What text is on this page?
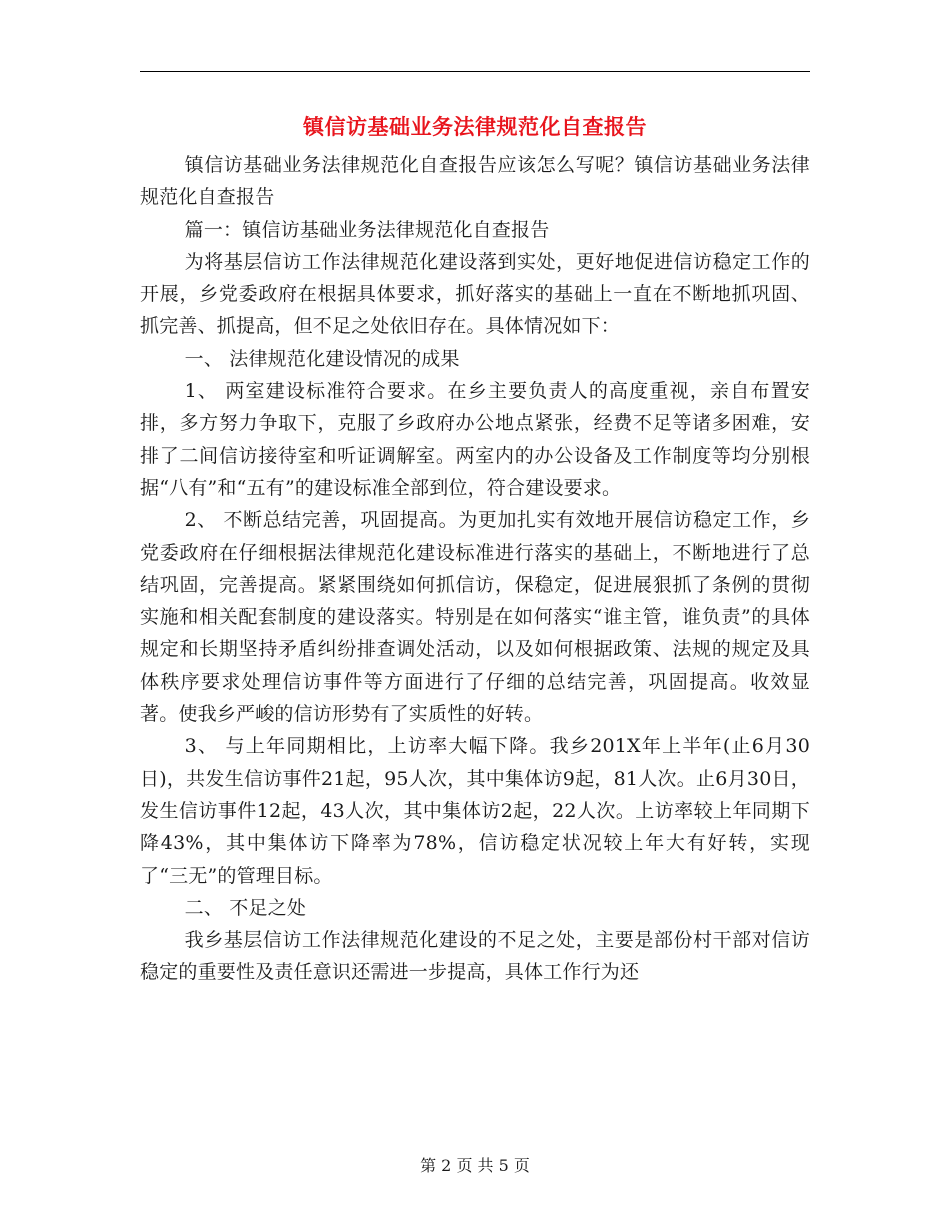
镇信访基础业务法律规范化自查报告

镇信访基础业务法律规范化自查报告应该怎么写呢？镇信访基础业务法律规范化自查报告

篇一：镇信访基础业务法律规范化自查报告

为将基层信访工作法律规范化建设落到实处，更好地促进信访稳定工作的开展，乡党委政府在根据具体要求，抓好落实的基础上一直在不断地抓巩固、抓完善、抓提高，但不足之处依旧存在。具体情况如下：

一、 法律规范化建设情况的成果

1、 两室建设标准符合要求。在乡主要负责人的高度重视，亲自布置安排，多方努力争取下，克服了乡政府办公地点紧张，经费不足等诸多困难，安排了二间信访接待室和听证调解室。两室内的办公设备及工作制度等均分别根据“八有”和“五有”的建设标准全部到位，符合建设要求。

2、 不断总结完善，巩固提高。为更加扎实有效地开展信访稳定工作，乡党委政府在仔细根据法律规范化建设标准进行落实的基础上，不断地进行了总结巩固，完善提高。紧紧围绕如何抓信访，保稳定，促进展狠抓了条例的贯彻实施和相关配套制度的建设落实。特别是在如何落实“谁主管，谁负责”的具体规定和长期坚持矛盾纠纷排查调处活动，以及如何根据政策、法规的规定及具体秩序要求处理信访事件等方面进行了仔细的总结完善，巩固提高。收效显著。使我乡严峻的信访形势有了实质性的好转。

3、 与上年同期相比，上访率大幅下降。我乡201X年上半年(止6月30日)，共发生信访事件21起，95人次，其中集体访9起，81人次。止6月30日，发生信访事件12起，43人次，其中集体访2起，22人次。上访率较上年同期下降43%，其中集体访下降率为78%，信访稳定状况较上年大有好转，实现了“三无”的管理目标。

二、 不足之处

我乡基层信访工作法律规范化建设的不足之处，主要是部份村干部对信访稳定的重要性及责任意识还需进一步提高，具体工作行为还

第 2 页 共 5 页
